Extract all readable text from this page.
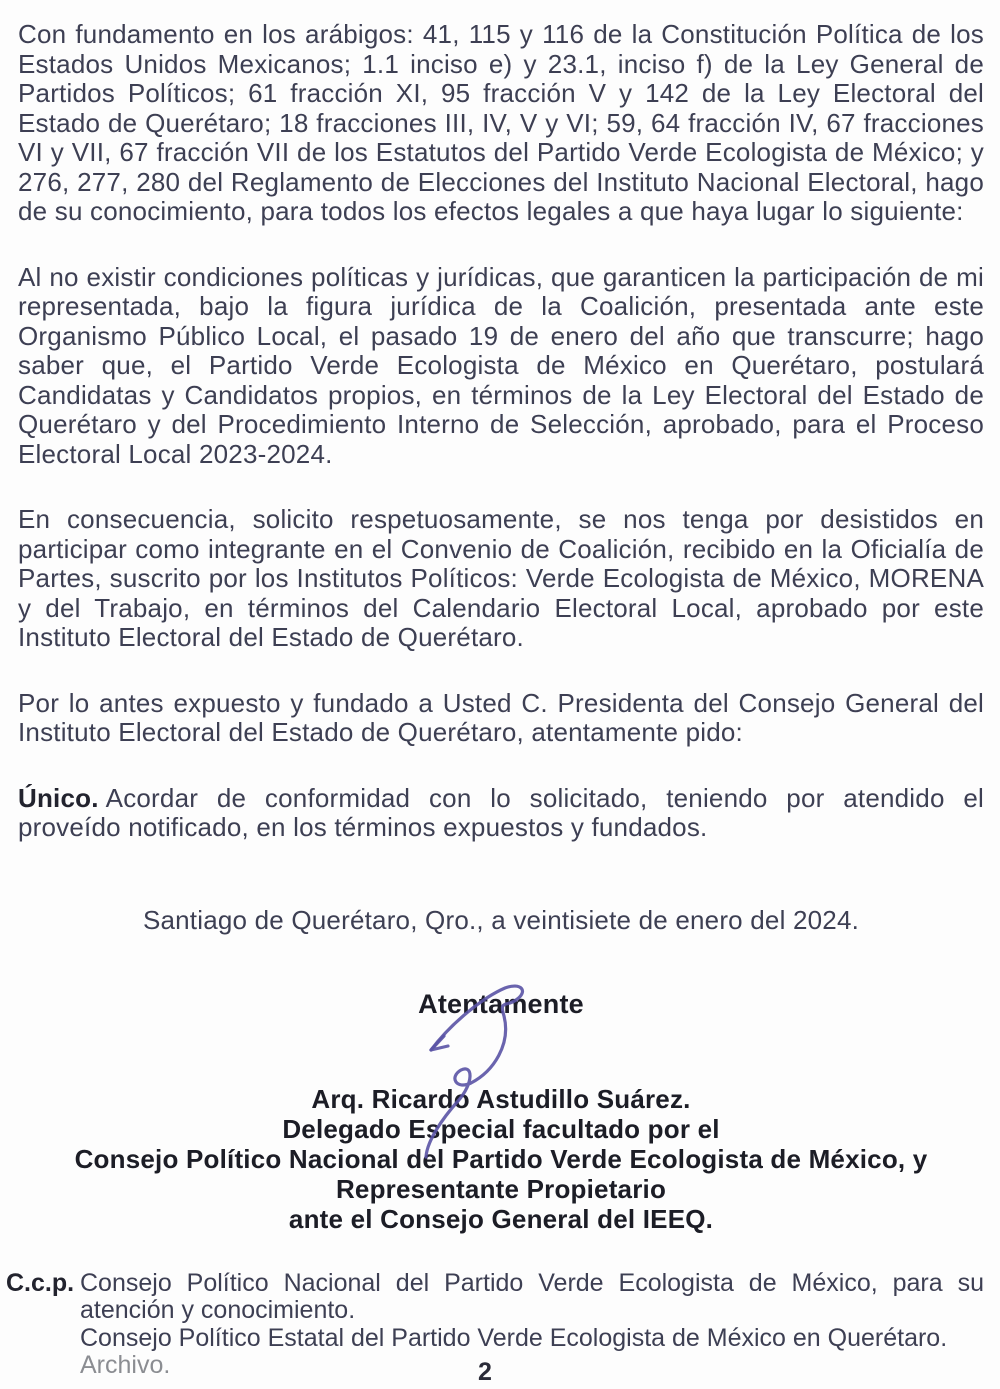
Con fundamento en los arábigos: 41, 115 y 116 de la Constitución Política de los Estados Unidos Mexicanos; 1.1 inciso e) y 23.1, inciso f) de la Ley General de Partidos Políticos; 61 fracción XI, 95 fracción V y 142 de la Ley Electoral del Estado de Querétaro; 18 fracciones III, IV, V y VI; 59, 64 fracción IV, 67 fracciones VI y VII, 67 fracción VII de los Estatutos del Partido Verde Ecologista de México; y 276, 277, 280 del Reglamento de Elecciones del Instituto Nacional Electoral, hago de su conocimiento, para todos los efectos legales a que haya lugar lo siguiente:

Al no existir condiciones políticas y jurídicas, que garanticen la participación de mi representada, bajo la figura jurídica de la Coalición, presentada ante este Organismo Público Local, el pasado 19 de enero del año que transcurre; hago saber que, el Partido Verde Ecologista de México en Querétaro, postulará Candidatas y Candidatos propios, en términos de la Ley Electoral del Estado de Querétaro y del Procedimiento Interno de Selección, aprobado, para el Proceso Electoral Local 2023-2024.

En consecuencia, solicito respetuosamente, se nos tenga por desistidos en participar como integrante en el Convenio de Coalición, recibido en la Oficialía de Partes, suscrito por los Institutos Políticos: Verde Ecologista de México, MORENA y del Trabajo, en términos del Calendario Electoral Local, aprobado por este Instituto Electoral del Estado de Querétaro.

Por lo antes expuesto y fundado a Usted C. Presidenta del Consejo General del Instituto Electoral del Estado de Querétaro, atentamente pido:

Único. Acordar de conformidad con lo solicitado, teniendo por atendido el proveído notificado, en los términos expuestos y fundados.

Santiago de Querétaro, Qro., a veintisiete de enero del 2024.
Atentamente
Arq. Ricardo Astudillo Suárez.
Delegado Especial facultado por el
Consejo Político Nacional del Partido Verde Ecologista de México, y
Representante Propietario
ante el Consejo General del IEEQ.
C.c.p. Consejo Político Nacional del Partido Verde Ecologista de México, para su atención y conocimiento.
Consejo Político Estatal del Partido Verde Ecologista de México en Querétaro.
Archivo.	2
